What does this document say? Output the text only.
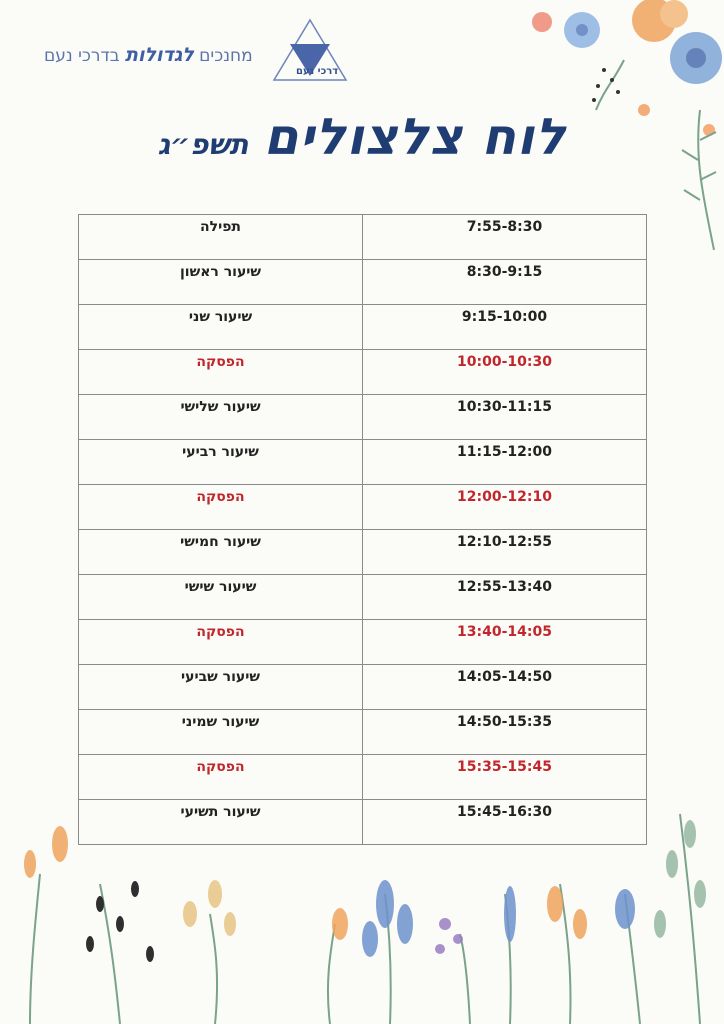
מחנכים לגדולות בדרכי נעם
דרכי נעם
לוח צלצולים תשפ״ג
תפילה	7:55-8:30
שיעור ראשון	8:30-9:15
שיעור שני	9:15-10:00
הפסקה	10:00-10:30
שיעור שלישי	10:30-11:15
שיעור רביעי	11:15-12:00
הפסקה	12:00-12:10
שיעור חמישי	12:10-12:55
שיעור שישי	12:55-13:40
הפסקה	13:40-14:05
שיעור שביעי	14:05-14:50
שיעור שמיני	14:50-15:35
הפסקה	15:35-15:45
שיעור תשיעי	15:45-16:30
